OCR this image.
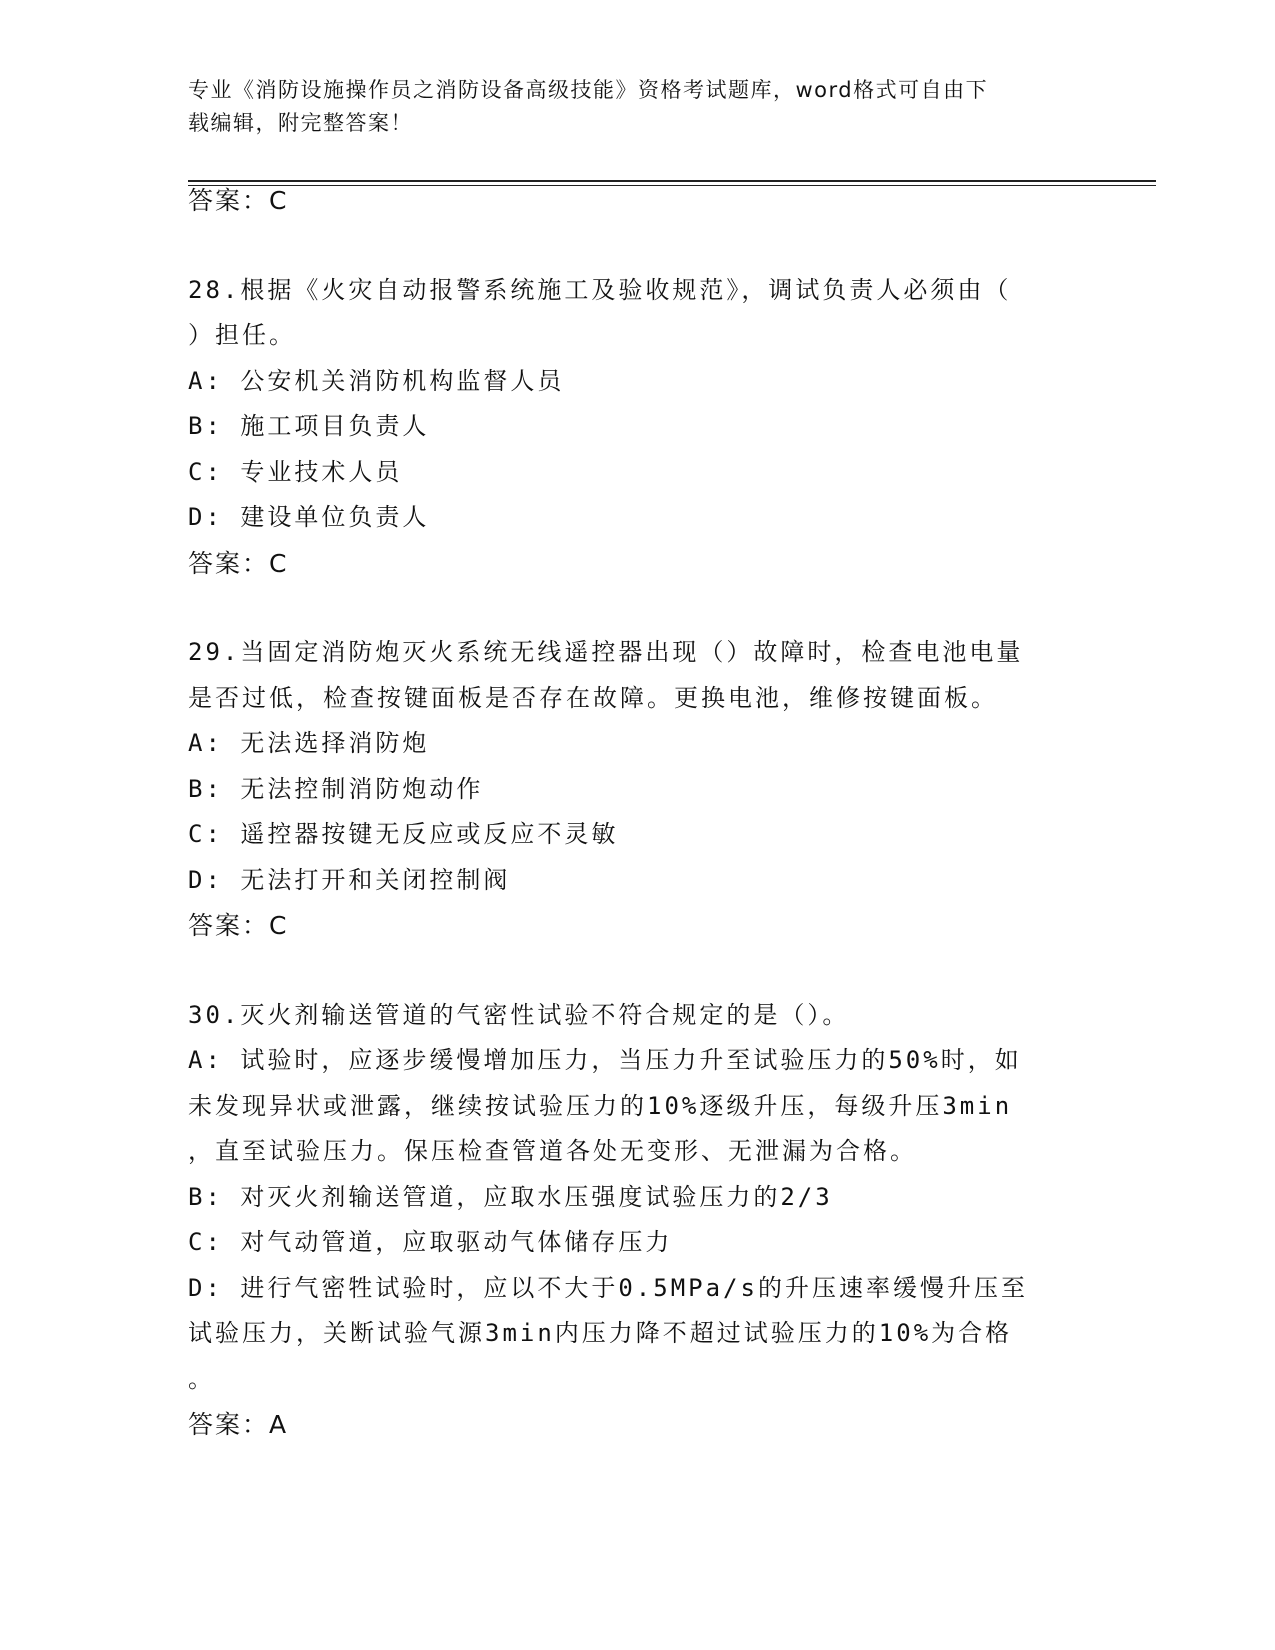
专业《消防设施操作员之消防设备高级技能》资格考试题库，word格式可自由下
载编辑，附完整答案！
答案：C
28.根据《火灾自动报警系统施工及验收规范》，调试负责人必须由（
）担任。
A: 公安机关消防机构监督人员
B: 施工项目负责人
C: 专业技术人员
D: 建设单位负责人
答案：C
29.当固定消防炮灭火系统无线遥控器出现（）故障时，检查电池电量
是否过低，检查按键面板是否存在故障。更换电池，维修按键面板。
A: 无法选择消防炮
B: 无法控制消防炮动作
C: 遥控器按键无反应或反应不灵敏
D: 无法打开和关闭控制阀
答案：C
30.灭火剂输送管道的气密性试验不符合规定的是（）。
A: 试验时，应逐步缓慢增加压力，当压力升至试验压力的50%时，如
未发现异状或泄露，继续按试验压力的10%逐级升压，每级升压3min
，直至试验压力。保压检查管道各处无变形、无泄漏为合格。
B: 对灭火剂输送管道，应取水压强度试验压力的2/3
C: 对气动管道，应取驱动气体储存压力
D: 进行气密牲试验时，应以不大于0.5MPa/s的升压速率缓慢升压至
试验压力，关断试验气源3min内压力降不超过试验压力的10%为合格
。
答案：A
